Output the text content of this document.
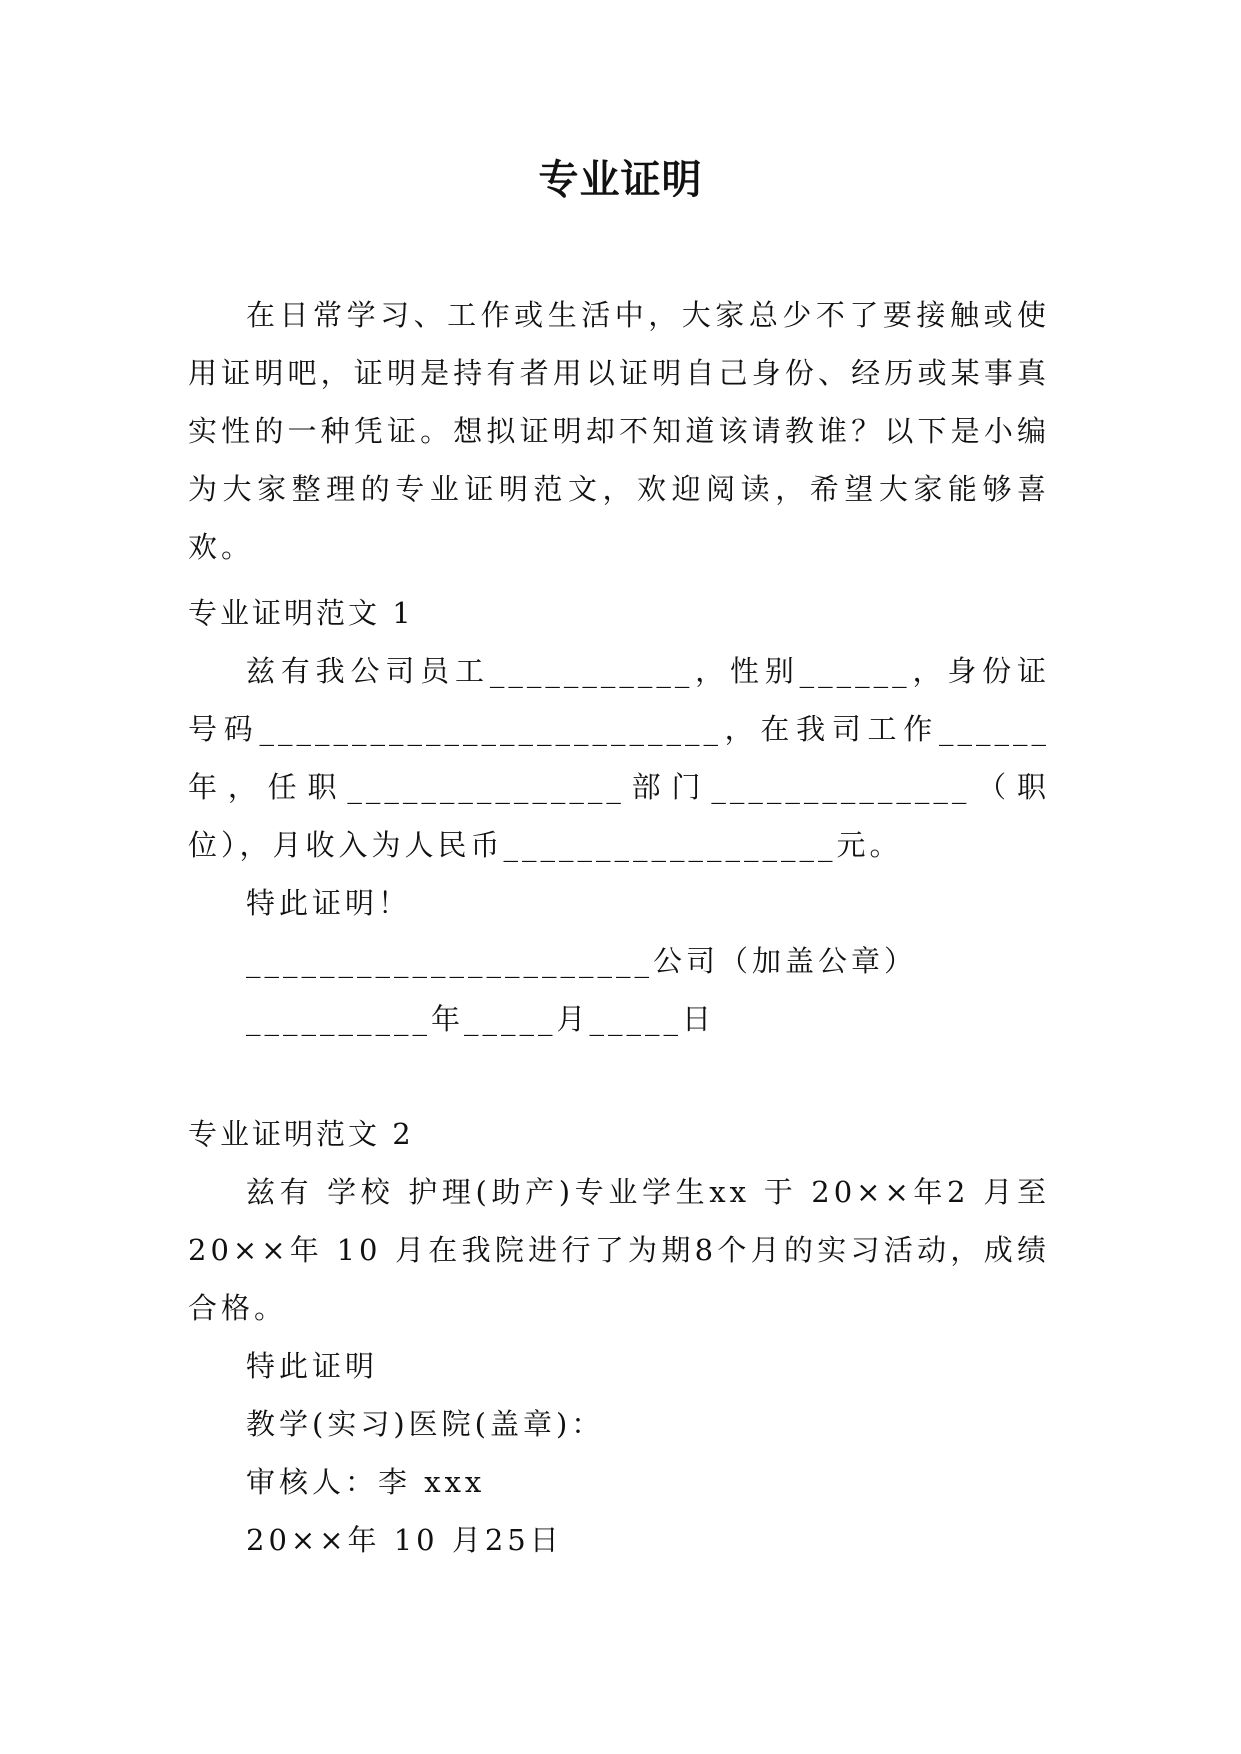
专业证明

在日常学习、工作或生活中，大家总少不了要接触或使用证明吧，证明是持有者用以证明自己身份、经历或某事真实性的一种凭证。想拟证明却不知道该请教谁？以下是小编为大家整理的专业证明范文，欢迎阅读，希望大家能够喜欢。

专业证明范文 1

兹有我公司员工___________，性别______，身份证号码_________________________，在我司工作______年，任职_______________部门______________（职位），月收入为人民币__________________元。

特此证明！

______________________公司（加盖公章）

__________年_____月_____日

专业证明范文 2

兹有 学校 护理(助产)专业学生xx 于 20××年2 月至 20××年 10 月在我院进行了为期8个月的实习活动，成绩合格。

特此证明

教学(实习)医院(盖章)：

审核人：李 xxx

20××年 10 月25日
